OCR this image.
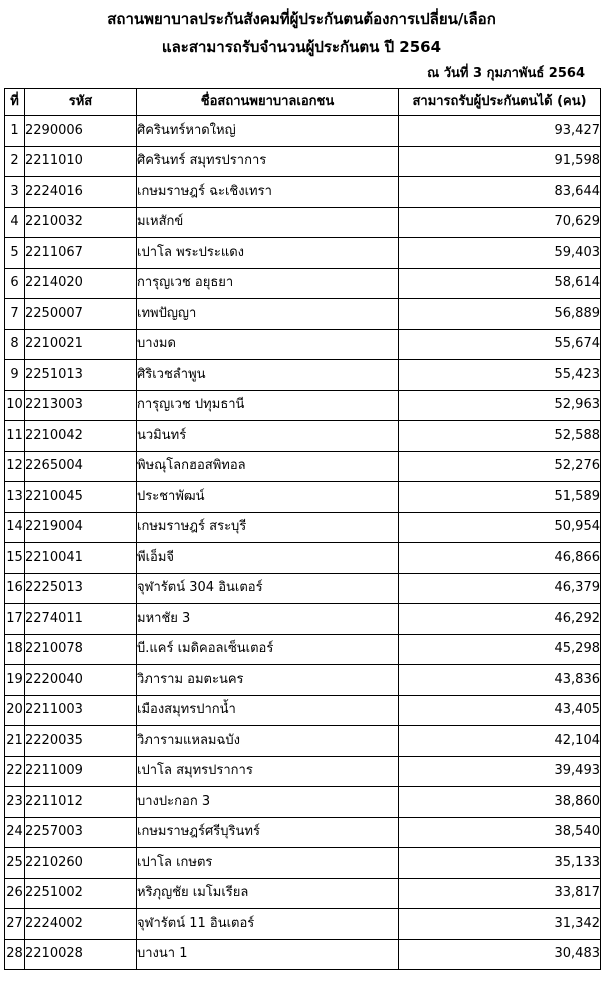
สถานพยาบาลประกันสังคมที่ผู้ประกันตนต้องการเปลี่ยน/เลือก
และสามารถรับจำนวนผู้ประกันตน ปี 2564
ณ วันที่ 3 กุมภาพันธ์ 2564
ที่	รหัส	ชื่อสถานพยาบาลเอกชน	สามารถรับผู้ประกันตนได้ (คน)
1	2290006	ศิครินทร์หาดใหญ่	93,427
2	2211010	ศิครินทร์ สมุทรปราการ	91,598
3	2224016	เกษมราษฎร์ ฉะเชิงเทรา	83,644
4	2210032	มเหสักข์	70,629
5	2211067	เปาโล พระประแดง	59,403
6	2214020	การุญเวช อยุธยา	58,614
7	2250007	เทพปัญญา	56,889
8	2210021	บางมด	55,674
9	2251013	ศิริเวชลำพูน	55,423
10	2213003	การุญเวช ปทุมธานี	52,963
11	2210042	นวมินทร์	52,588
12	2265004	พิษณุโลกฮอสพิทอล	52,276
13	2210045	ประชาพัฒน์	51,589
14	2219004	เกษมราษฎร์ สระบุรี	50,954
15	2210041	พีเอ็มจี	46,866
16	2225013	จุฬารัตน์ 304 อินเตอร์	46,379
17	2274011	มหาชัย 3	46,292
18	2210078	บี.แคร์ เมดิคอลเซ็นเตอร์	45,298
19	2220040	วิภาราม อมตะนคร	43,836
20	2211003	เมืองสมุทรปากน้ำ	43,405
21	2220035	วิภารามแหลมฉบัง	42,104
22	2211009	เปาโล สมุทรปราการ	39,493
23	2211012	บางปะกอก 3	38,860
24	2257003	เกษมราษฎร์ศรีบุรินทร์	38,540
25	2210260	เปาโล เกษตร	35,133
26	2251002	หริภุญชัย เมโมเรียล	33,817
27	2224002	จุฬารัตน์ 11 อินเตอร์	31,342
28	2210028	บางนา 1	30,483
